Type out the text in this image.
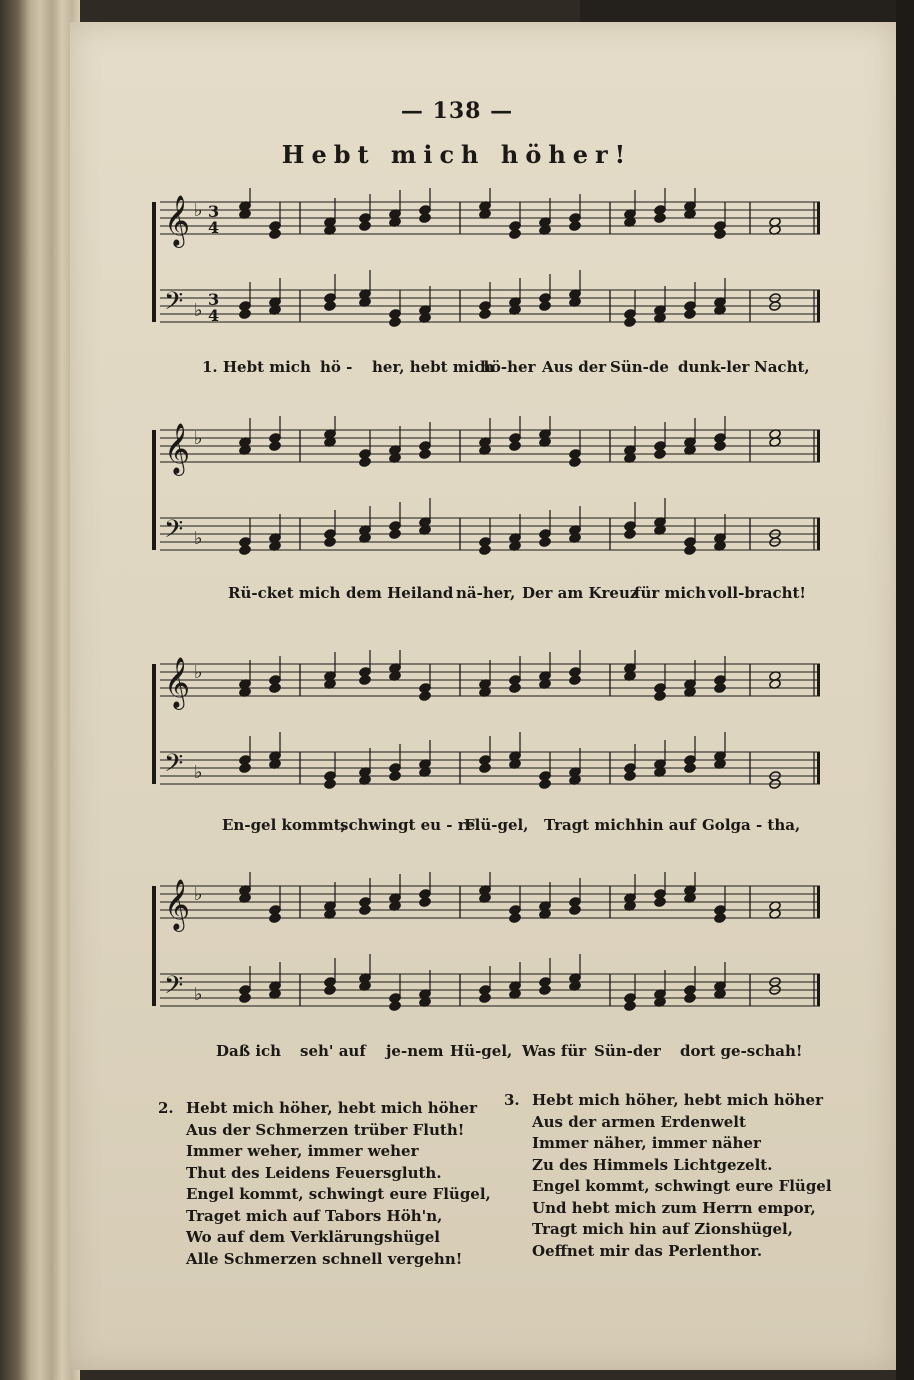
— 138 —
Hebt mich höher!
𝄞 ♭ 3
4
𝄢 ♭
3
4
1. Hebt mich hö - her, hebt mich
hö-her Aus der Sün-de dunk-ler Nacht,
𝄞 ♭
𝄢 ♭
Rü-cket mich dem Heiland nä-her, Der am Kreuz
für mich voll-bracht!
𝄞 ♭
𝄢 ♭
En-gel kommt,
schwingt eu - re
Flü-gel, Tragt mich hin auf Golga - tha,
𝄞 ♭
𝄢 ♭
Daß ich seh' auf je-nem Hü-gel, Was für Sün-der dort ge-schah!
2. Hebt mich höher, hebt mich höher
Aus der Schmerzen trüber Fluth!
Immer weher, immer weher
Thut des Leidens Feuersgluth.
Engel kommt, schwingt eure Flügel,
Traget mich auf Tabors Höh'n,
Wo auf dem Verklärungshügel
Alle Schmerzen schnell vergehn!
3. Hebt mich höher, hebt mich höher
Aus der armen Erdenwelt
Immer näher, immer näher
Zu des Himmels Lichtgezelt.
Engel kommt, schwingt eure Flügel
Und hebt mich zum Herrn empor,
Tragt mich hin auf Zionshügel,
Oeffnet mir das Perlenthor.
